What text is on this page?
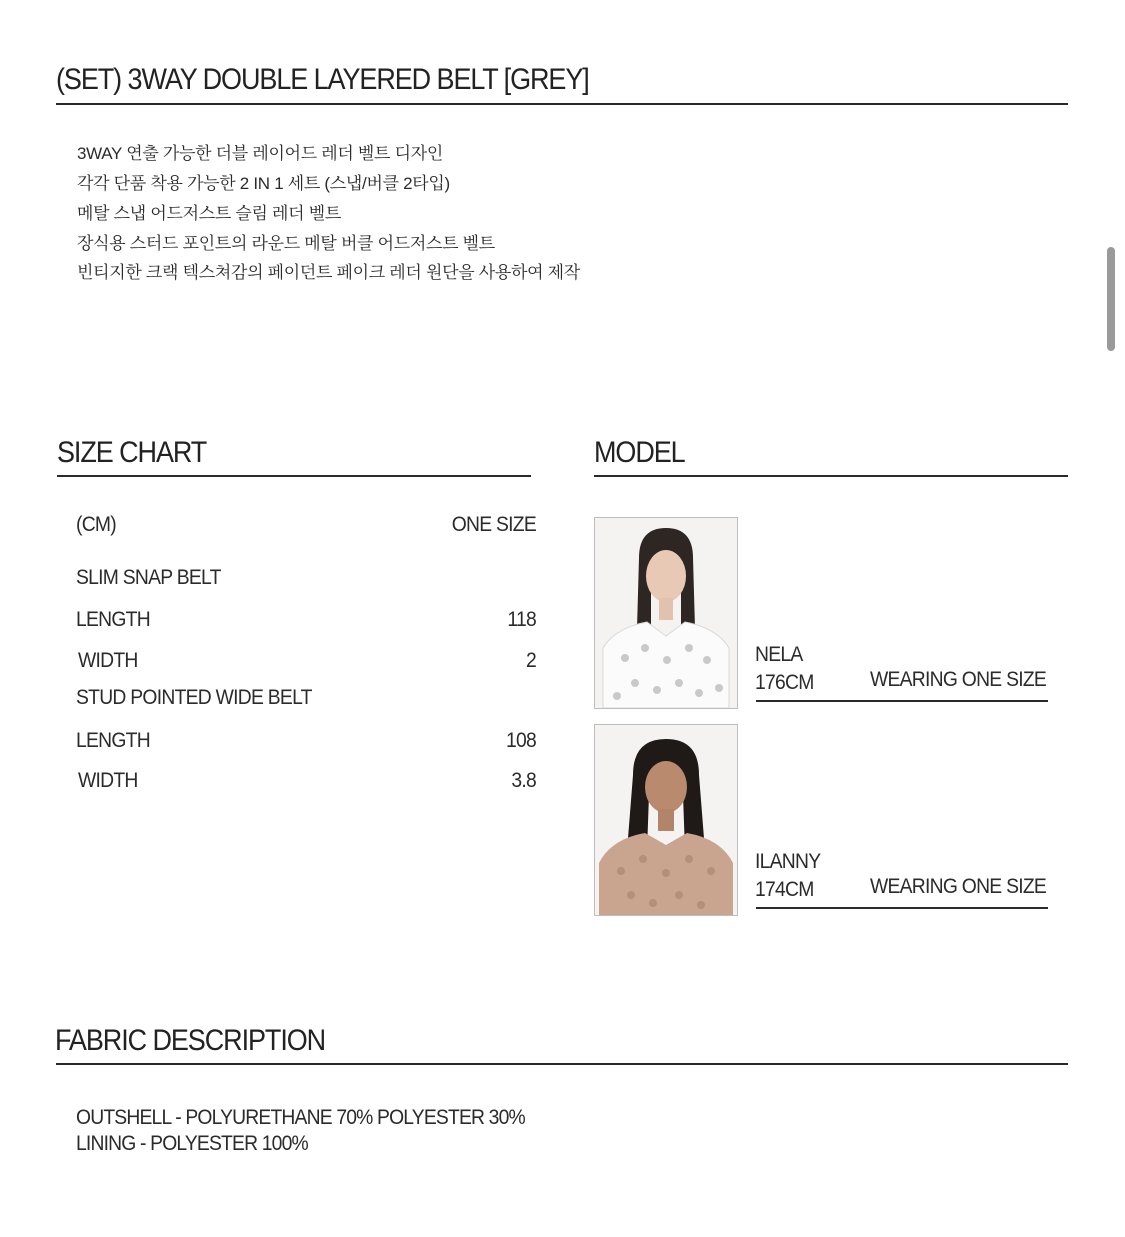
(SET) 3WAY DOUBLE LAYERED BELT [GREY]
3WAY 연출 가능한 더블 레이어드 레더 벨트 디자인
각각 단품 착용 가능한 2 IN 1 세트 (스냅/버클 2타입)
메탈 스냅 어드저스트 슬림 레더 벨트
장식용 스터드 포인트의 라운드 메탈 버클 어드저스트 벨트
빈티지한 크랙 텍스쳐감의 페이던트 페이크 레더 원단을 사용하여 제작
SIZE CHART
(CM)	ONE SIZE
SLIM SNAP BELT
LENGTH	118
WIDTH	2
STUD POINTED WIDE BELT
LENGTH	108
WIDTH	3.8
MODEL
NELA
176CM	WEARING ONE SIZE
ILANNY
174CM	WEARING ONE SIZE
FABRIC DESCRIPTION
OUTSHELL - POLYURETHANE 70% POLYESTER 30%
LINING - POLYESTER 100%
